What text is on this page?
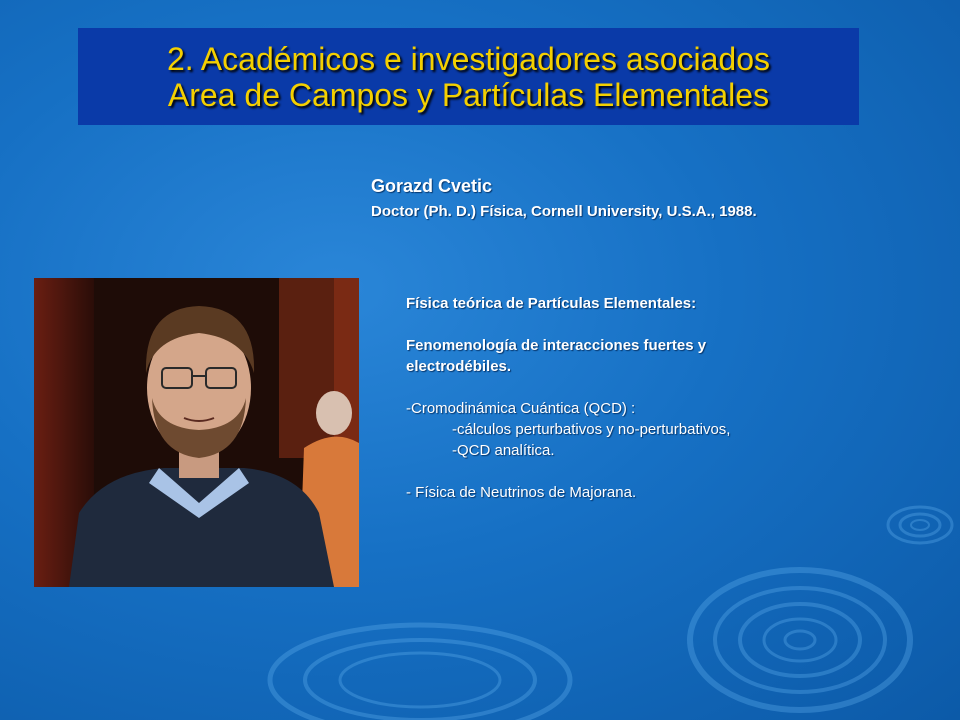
2. Académicos e investigadores asociados
Area de Campos y Partículas Elementales
Gorazd Cvetic
Doctor (Ph. D.) Física, Cornell University, U.S.A., 1988.
Física teórica de Partículas Elementales:
Fenomenología de interacciones fuertes y
electrodébiles.
-Cromodinámica Cuántica (QCD) :
-cálculos perturbativos y no-perturbativos,
-QCD analítica.
- Física de Neutrinos de Majorana.
